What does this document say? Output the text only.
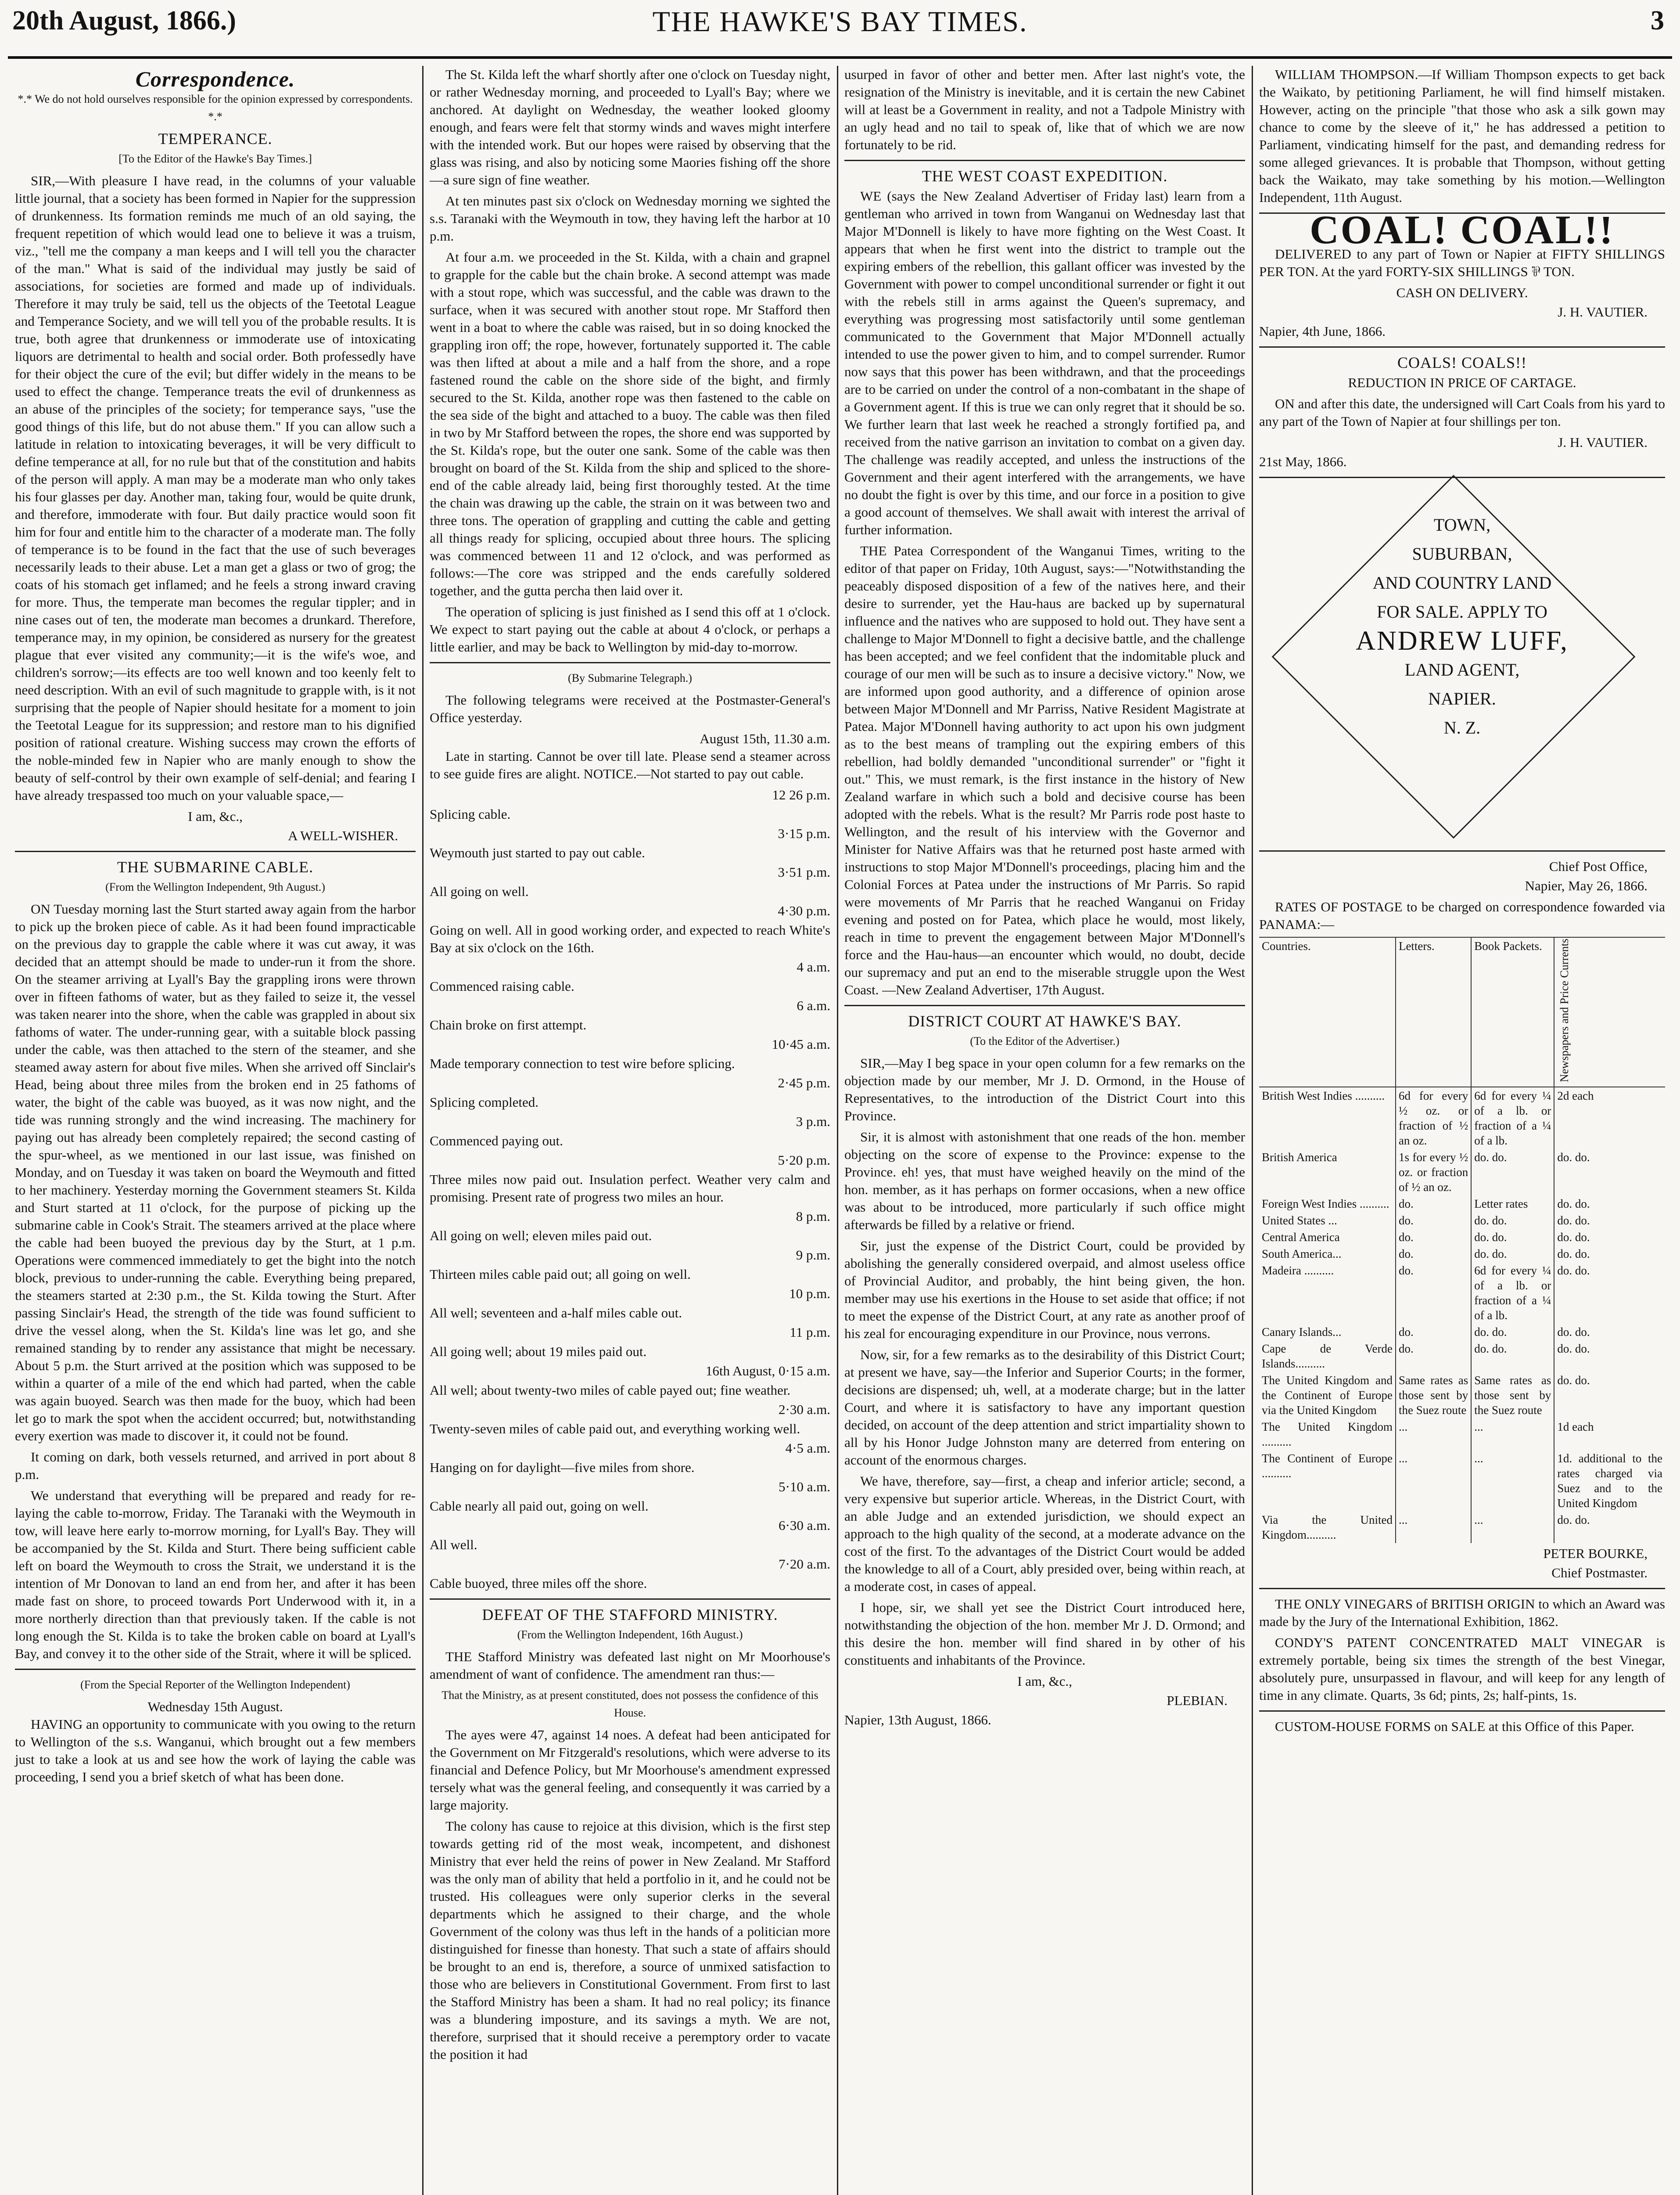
20th August, 1866.)	THE HAWKE'S BAY TIMES.	3
Correspondence.
*.* We do not hold ourselves responsible for the opinion expressed by correspondents. *.*
TEMPERANCE.
[To the Editor of the Hawke's Bay Times.]

SIR,—With pleasure I have read, in the columns of your valuable little journal, that a society has been formed in Napier for the suppression of drunkenness. Its formation reminds me much of an old saying, the frequent repetition of which would lead one to believe it was a truism, viz., "tell me the company a man keeps and I will tell you the character of the man." What is said of the individual may justly be said of associations, for societies are formed and made up of individuals. Therefore it may truly be said, tell us the objects of the Teetotal League and Temperance Society, and we will tell you of the probable results. It is true, both agree that drunkenness or immoderate use of intoxicating liquors are detrimental to health and social order. Both professedly have for their object the cure of the evil; but differ widely in the means to be used to effect the change. Temperance treats the evil of drunkenness as an abuse of the principles of the society; for temperance says, "use the good things of this life, but do not abuse them." If you can allow such a latitude in relation to intoxicating beverages, it will be very difficult to define temperance at all, for no rule but that of the constitution and habits of the person will apply. A man may be a moderate man who only takes his four glasses per day. Another man, taking four, would be quite drunk, and therefore, immoderate with four. But daily practice would soon fit him for four and entitle him to the character of a moderate man. The folly of temperance is to be found in the fact that the use of such beverages necessarily leads to their abuse. Let a man get a glass or two of grog; the coats of his stomach get inflamed; and he feels a strong inward craving for more. Thus, the temperate man becomes the regular tippler; and in nine cases out of ten, the moderate man becomes a drunkard. Therefore, temperance may, in my opinion, be considered as nursery for the greatest plague that ever visited any community;—it is the wife's woe, and children's sorrow;—its effects are too well known and too keenly felt to need description. With an evil of such magnitude to grapple with, is it not surprising that the people of Napier should hesitate for a moment to join the Teetotal League for its suppression; and restore man to his dignified position of rational creature. Wishing success may crown the efforts of the noble-minded few in Napier who are manly enough to show the beauty of self-control by their own example of self-denial; and fearing I have already trespassed too much on your valuable space,—

I am, &c.,
A WELL-WISHER.
THE SUBMARINE CABLE.
(From the Wellington Independent, 9th August.)

ON Tuesday morning last the Sturt started away again from the harbor to pick up the broken piece of cable. As it had been found impracticable on the previous day to grapple the cable where it was cut away, it was decided that an attempt should be made to under-run it from the shore. On the steamer arriving at Lyall's Bay the grappling irons were thrown over in fifteen fathoms of water, but as they failed to seize it, the vessel was taken nearer into the shore, when the cable was grappled in about six fathoms of water. The under-running gear, with a suitable block passing under the cable, was then attached to the stern of the steamer, and she steamed away astern for about five miles. When she arrived off Sinclair's Head, being about three miles from the broken end in 25 fathoms of water, the bight of the cable was buoyed, as it was now night, and the tide was running strongly and the wind increasing. The machinery for paying out has already been completely repaired; the second casting of the spur-wheel, as we mentioned in our last issue, was finished on Monday, and on Tuesday it was taken on board the Weymouth and fitted to her machinery. Yesterday morning the Government steamers St. Kilda and Sturt started at 11 o'clock, for the purpose of picking up the submarine cable in Cook's Strait. The steamers arrived at the place where the cable had been buoyed the previous day by the Sturt, at 1 p.m. Operations were commenced immediately to get the bight into the notch block, previous to under-running the cable. Everything being prepared, the steamers started at 2:30 p.m., the St. Kilda towing the Sturt. After passing Sinclair's Head, the strength of the tide was found sufficient to drive the vessel along, when the St. Kilda's line was let go, and she remained standing by to render any assistance that might be necessary. About 5 p.m. the Sturt arrived at the position which was supposed to be within a quarter of a mile of the end which had parted, when the cable was again buoyed. Search was then made for the buoy, which had been let go to mark the spot when the accident occurred; but, notwithstanding every exertion was made to discover it, it could not be found.

It coming on dark, both vessels returned, and arrived in port about 8 p.m.

We understand that everything will be prepared and ready for re-laying the cable to-morrow, Friday. The Taranaki with the Weymouth in tow, will leave here early to-morrow morning, for Lyall's Bay. They will be accompanied by the St. Kilda and Sturt. There being sufficient cable left on board the Weymouth to cross the Strait, we understand it is the intention of Mr Donovan to land an end from her, and after it has been made fast on shore, to proceed towards Port Underwood with it, in a more northerly direction than that previously taken. If the cable is not long enough the St. Kilda is to take the broken cable on board at Lyall's Bay, and convey it to the other side of the Strait, where it will be spliced.

(From the Special Reporter of the Wellington Independent)
Wednesday 15th August.

HAVING an opportunity to communicate with you owing to the return to Wellington of the s.s. Wanganui, which brought out a few members just to take a look at us and see how the work of laying the cable was proceeding, I send you a brief sketch of what has been done.

The St. Kilda left the wharf shortly after one o'clock on Tuesday night, or rather Wednesday morning, and proceeded to Lyall's Bay; where we anchored. At daylight on Wednesday, the weather looked gloomy enough, and fears were felt that stormy winds and waves might interfere with the intended work. But our hopes were raised by observing that the glass was rising, and also by noticing some Maories fishing off the shore—a sure sign of fine weather.

At ten minutes past six o'clock on Wednesday morning we sighted the s.s. Taranaki with the Weymouth in tow, they having left the harbor at 10 p.m.

At four a.m. we proceeded in the St. Kilda, with a chain and grapnel to grapple for the cable but the chain broke. A second attempt was made with a stout rope, which was successful, and the cable was drawn to the surface, when it was secured with another stout rope. Mr Stafford then went in a boat to where the cable was raised, but in so doing knocked the grappling iron off; the rope, however, fortunately supported it. The cable was then lifted at about a mile and a half from the shore, and a rope fastened round the cable on the shore side of the bight, and firmly secured to the St. Kilda, another rope was then fastened to the cable on the sea side of the bight and attached to a buoy. The cable was then filed in two by Mr Stafford between the ropes, the shore end was supported by the St. Kilda's rope, but the outer one sank. Some of the cable was then brought on board of the St. Kilda from the ship and spliced to the shore-end of the cable already laid, being first thoroughly tested. At the time the chain was drawing up the cable, the strain on it was between two and three tons. The operation of grappling and cutting the cable and getting all things ready for splicing, occupied about three hours. The splicing was commenced between 11 and 12 o'clock, and was performed as follows:—The core was stripped and the ends carefully soldered together, and the gutta percha then laid over it.

The operation of splicing is just finished as I send this off at 1 o'clock. We expect to start paying out the cable at about 4 o'clock, or perhaps a little earlier, and may be back to Wellington by mid-day to-morrow.

(By Submarine Telegraph.)

The following telegrams were received at the Postmaster-General's Office yesterday.

August 15th, 11.30 a.m.

Late in starting. Cannot be over till late. Please send a steamer across to see guide fires are alight. NOTICE.—Not started to pay out cable.

12 26 p.m.
Splicing cable.
3·15 p.m.
Weymouth just started to pay out cable.
3·51 p.m.
All going on well.
4·30 p.m.
Going on well. All in good working order, and expected to reach White's Bay at six o'clock on the 16th.
4 a.m.
Commenced raising cable.
6 a.m.
Chain broke on first attempt.
10·45 a.m.
Made temporary connection to test wire before splicing.
2·45 p.m.
Splicing completed.
3 p.m.
Commenced paying out.
5·20 p.m.
Three miles now paid out. Insulation perfect. Weather very calm and promising. Present rate of progress two miles an hour.
8 p.m.
All going on well; eleven miles paid out.
9 p.m.
Thirteen miles cable paid out; all going on well.
10 p.m.
All well; seventeen and a-half miles cable out.
11 p.m.
All going well; about 19 miles paid out.
16th August, 0·15 a.m.
All well; about twenty-two miles of cable payed out; fine weather.
2·30 a.m.
Twenty-seven miles of cable paid out, and everything working well.
4·5 a.m.
Hanging on for daylight—five miles from shore.
5·10 a.m.
Cable nearly all paid out, going on well.
6·30 a.m.
All well.
7·20 a.m.
Cable buoyed, three miles off the shore.
DEFEAT OF THE STAFFORD MINISTRY.
(From the Wellington Independent, 16th August.)

THE Stafford Ministry was defeated last night on Mr Moorhouse's amendment of want of confidence. The amendment ran thus:—

That the Ministry, as at present constituted, does not possess the confidence of this House.

The ayes were 47, against 14 noes. A defeat had been anticipated for the Government on Mr Fitzgerald's resolutions, which were adverse to its financial and Defence Policy, but Mr Moorhouse's amendment expressed tersely what was the general feeling, and consequently it was carried by a large majority.

The colony has cause to rejoice at this division, which is the first step towards getting rid of the most weak, incompetent, and dishonest Ministry that ever held the reins of power in New Zealand. Mr Stafford was the only man of ability that held a portfolio in it, and he could not be trusted. His colleagues were only superior clerks in the several departments which he assigned to their charge, and the whole Government of the colony was thus left in the hands of a politician more distinguished for finesse than honesty. That such a state of affairs should be brought to an end is, therefore, a source of unmixed satisfaction to those who are believers in Constitutional Government. From first to last the Stafford Ministry has been a sham. It had no real policy; its finance was a blundering imposture, and its savings a myth. We are not, therefore, surprised that it should receive a peremptory order to vacate the position it had

usurped in favor of other and better men. After last night's vote, the resignation of the Ministry is inevitable, and it is certain the new Cabinet will at least be a Government in reality, and not a Tadpole Ministry with an ugly head and no tail to speak of, like that of which we are now fortunately to be rid.

THE WEST COAST EXPEDITION.

WE (says the New Zealand Advertiser of Friday last) learn from a gentleman who arrived in town from Wanganui on Wednesday last that Major M'Donnell is likely to have more fighting on the West Coast. It appears that when he first went into the district to trample out the expiring embers of the rebellion, this gallant officer was invested by the Government with power to compel unconditional surrender or fight it out with the rebels still in arms against the Queen's supremacy, and everything was progressing most satisfactorily until some gentleman communicated to the Government that Major M'Donnell actually intended to use the power given to him, and to compel surrender. Rumor now says that this power has been withdrawn, and that the proceedings are to be carried on under the control of a non-combatant in the shape of a Government agent. If this is true we can only regret that it should be so. We further learn that last week he reached a strongly fortified pa, and received from the native garrison an invitation to combat on a given day. The challenge was readily accepted, and unless the instructions of the Government and their agent interfered with the arrangements, we have no doubt the fight is over by this time, and our force in a position to give a good account of themselves. We shall await with interest the arrival of further information.

THE Patea Correspondent of the Wanganui Times, writing to the editor of that paper on Friday, 10th August, says:—"Notwithstanding the peaceably disposed disposition of a few of the natives here, and their desire to surrender, yet the Hau-haus are backed up by supernatural influence and the natives who are supposed to hold out. They have sent a challenge to Major M'Donnell to fight a decisive battle, and the challenge has been accepted; and we feel confident that the indomitable pluck and courage of our men will be such as to insure a decisive victory." Now, we are informed upon good authority, and a difference of opinion arose between Major M'Donnell and Mr Parriss, Native Resident Magistrate at Patea. Major M'Donnell having authority to act upon his own judgment as to the best means of trampling out the expiring embers of this rebellion, had boldly demanded "unconditional surrender" or "fight it out." This, we must remark, is the first instance in the history of New Zealand warfare in which such a bold and decisive course has been adopted with the rebels. What is the result? Mr Parris rode post haste to Wellington, and the result of his interview with the Governor and Minister for Native Affairs was that he returned post haste armed with instructions to stop Major M'Donnell's proceedings, placing him and the Colonial Forces at Patea under the instructions of Mr Parris. So rapid were movements of Mr Parris that he reached Wanganui on Friday evening and posted on for Patea, which place he would, most likely, reach in time to prevent the engagement between Major M'Donnell's force and the Hau-haus—an encounter which would, no doubt, decide our supremacy and put an end to the miserable struggle upon the West Coast. —New Zealand Advertiser, 17th August.

DISTRICT COURT AT HAWKE'S BAY.
(To the Editor of the Advertiser.)

SIR,—May I beg space in your open column for a few remarks on the objection made by our member, Mr J. D. Ormond, in the House of Representatives, to the introduction of the District Court into this Province.

Sir, it is almost with astonishment that one reads of the hon. member objecting on the score of expense to the Province: expense to the Province. eh! yes, that must have weighed heavily on the mind of the hon. member, as it has perhaps on former occasions, when a new office was about to be introduced, more particularly if such office might afterwards be filled by a relative or friend.

Sir, just the expense of the District Court, could be provided by abolishing the generally considered overpaid, and almost useless office of Provincial Auditor, and probably, the hint being given, the hon. member may use his exertions in the House to set aside that office; if not to meet the expense of the District Court, at any rate as another proof of his zeal for encouraging expenditure in our Province, nous verrons.

Now, sir, for a few remarks as to the desirability of this District Court; at present we have, say—the Inferior and Superior Courts; in the former, decisions are dispensed; uh, well, at a moderate charge; but in the latter Court, and where it is satisfactory to have any important question decided, on account of the deep attention and strict impartiality shown to all by his Honor Judge Johnston many are deterred from entering on account of the enormous charges.

We have, therefore, say—first, a cheap and inferior article; second, a very expensive but superior article. Whereas, in the District Court, with an able Judge and an extended jurisdiction, we should expect an approach to the high quality of the second, at a moderate advance on the cost of the first. To the advantages of the District Court would be added the knowledge to all of a Court, ably presided over, being within reach, at a moderate cost, in cases of appeal.

I hope, sir, we shall yet see the District Court introduced here, notwithstanding the objection of the hon. member Mr J. D. Ormond; and this desire the hon. member will find shared in by other of his constituents and inhabitants of the Province.

I am, &c.,
PLEBIAN.
Napier, 13th August, 1866.

WILLIAM THOMPSON.—If William Thompson expects to get back the Waikato, by petitioning Parliament, he will find himself mistaken. However, acting on the principle "that those who ask a silk gown may chance to come by the sleeve of it," he has addressed a petition to Parliament, vindicating himself for the past, and demanding redress for some alleged grievances. It is probable that Thompson, without getting back the Waikato, may take something by his motion.—Wellington Independent, 11th August.

COAL! COAL!!

DELIVERED to any part of Town or Napier at FIFTY SHILLINGS PER TON. At the yard FORTY-SIX SHILLINGS ⅌ TON.

CASH ON DELIVERY.
J. H. VAUTIER.
Napier, 4th June, 1866.
COALS! COALS!!
REDUCTION IN PRICE OF CARTAGE.

ON and after this date, the undersigned will Cart Coals from his yard to any part of the Town of Napier at four shillings per ton.

J. H. VAUTIER.
21st May, 1866.
TOWN,
SUBURBAN,
AND COUNTRY LAND
FOR SALE. APPLY TO
ANDREW LUFF,
LAND AGENT,
NAPIER.
N. Z.
Chief Post Office,
Napier, May 26, 1866.

RATES OF POSTAGE to be charged on correspondence fowarded via PANAMA:—

Countries.	Letters.	Book Packets.	Newspapers and Price Currents
British West Indies ..........	6d for every ½ oz. or fraction of ½ an oz.	6d for every ¼ of a lb. or fraction of a ¼ of a lb.	2d each
British America	1s for every ½ oz. or fraction of ½ an oz.	do. do.	do. do.
Foreign West Indies ..........	do.	Letter rates	do. do.
United States ...	do.	do. do.	do. do.
Central America	do.	do. do.	do. do.
South America...	do.	do. do.	do. do.
Madeira ..........	do.	6d for every ¼ of a lb. or fraction of a ¼ of a lb.	do. do.
Canary Islands...	do.	do. do.	do. do.
Cape de Verde Islands..........	do.	do. do.	do. do.
The United Kingdom and the Continent of Europe via the United Kingdom	Same rates as those sent by the Suez route	Same rates as those sent by the Suez route	do. do.
The United Kingdom ..........	...	...	1d each
The Continent of Europe ..........	...	...	1d. additional to the rates charged via Suez and to the United Kingdom
Via the United Kingdom..........	...	...	do. do.
PETER BOURKE,
Chief Postmaster.

THE ONLY VINEGARS of BRITISH ORIGIN to which an Award was made by the Jury of the International Exhibition, 1862.

CONDY'S PATENT CONCENTRATED MALT VINEGAR is extremely portable, being six times the strength of the best Vinegar, absolutely pure, unsurpassed in flavour, and will keep for any length of time in any climate. Quarts, 3s 6d; pints, 2s; half-pints, 1s.

CUSTOM-HOUSE FORMS on SALE at this Office of this Paper.
